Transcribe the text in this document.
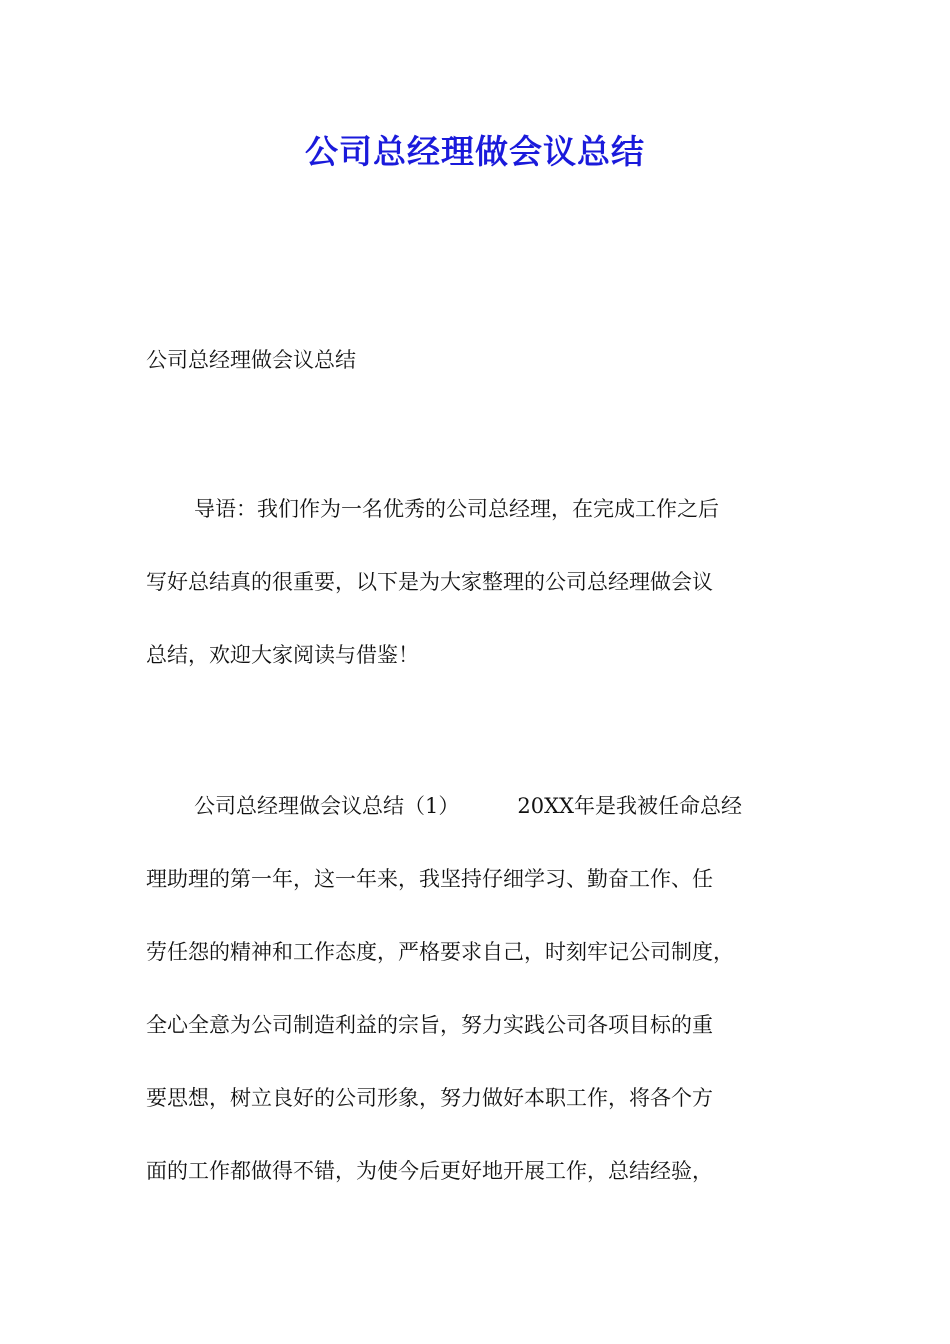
公司总经理做会议总结

公司总经理做会议总结

导语：我们作为一名优秀的公司总经理，在完成工作之后
写好总结真的很重要，以下是为大家整理的公司总经理做会议
总结，欢迎大家阅读与借鉴！
公司总经理做会议总结（1）	20XX年是我被任命总经
理助理的第一年，这一年来，我坚持仔细学习、勤奋工作、任
劳任怨的精神和工作态度，严格要求自己，时刻牢记公司制度，
全心全意为公司制造利益的宗旨，努力实践公司各项目标的重
要思想，树立良好的公司形象，努力做好本职工作，将各个方
面的工作都做得不错，为使今后更好地开展工作，总结经验，
